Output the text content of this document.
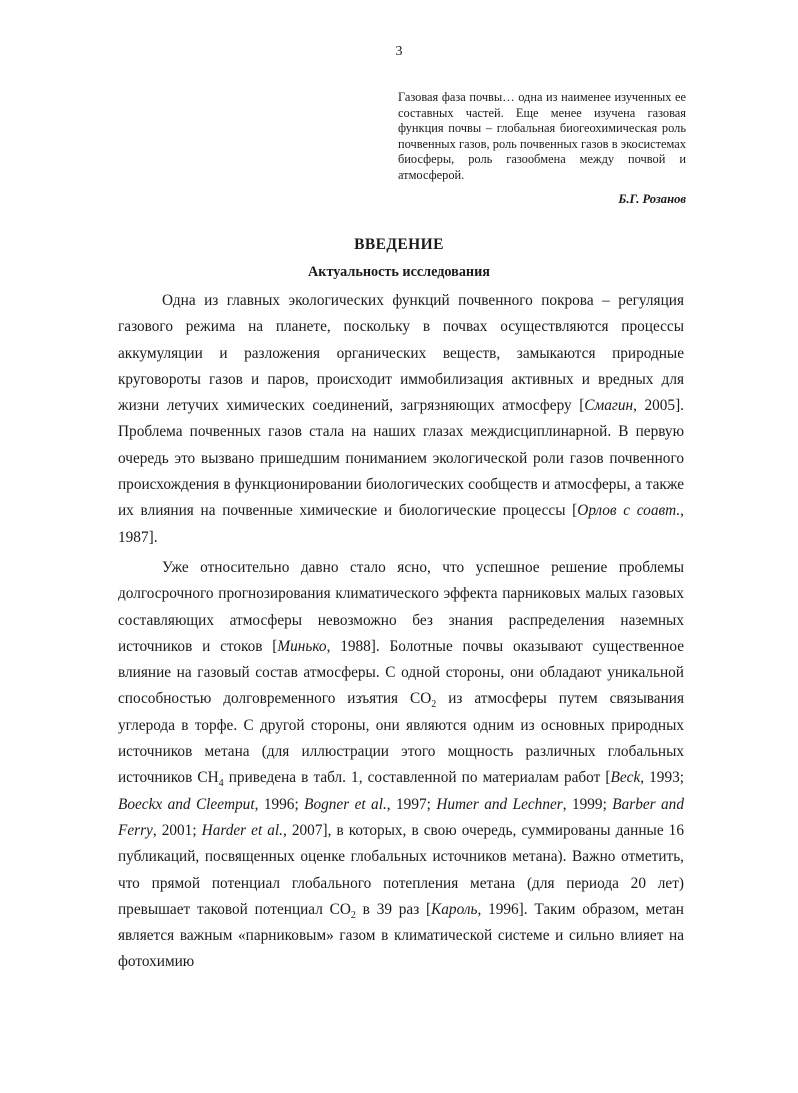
3
Газовая фаза почвы… одна из наименее изученных ее составных частей. Еще менее изучена газовая функция почвы – глобальная биогеохимическая роль почвенных газов, роль почвенных газов в экосистемах биосферы, роль газообмена между почвой и атмосферой.
Б.Г. Розанов
ВВЕДЕНИЕ
Актуальность исследования

Одна из главных экологических функций почвенного покрова – регуляция газового режима на планете, поскольку в почвах осуществляются процессы аккумуляции и разложения органических веществ, замыкаются природные круговороты газов и паров, происходит иммобилизация активных и вредных для жизни летучих химических соединений, загрязняющих атмосферу [Смагин, 2005]. Проблема почвенных газов стала на наших глазах междисциплинарной. В первую очередь это вызвано пришедшим пониманием экологической роли газов почвенного происхождения в функционировании биологических сообществ и атмосферы, а также их влияния на почвенные химические и биологические процессы [Орлов с соавт., 1987].

Уже относительно давно стало ясно, что успешное решение проблемы долгосрочного прогнозирования климатического эффекта парниковых малых газовых составляющих атмосферы невозможно без знания распределения наземных источников и стоков [Минько, 1988]. Болотные почвы оказывают существенное влияние на газовый состав атмосферы. С одной стороны, они обладают уникальной способностью долговременного изъятия $CO_2$ из атмосферы путем связывания углерода в торфе. С другой стороны, они являются одним из основных природных источников метана (для иллюстрации этого мощность различных глобальных источников $CH_4$ приведена в табл. 1, составленной по материалам работ [Beck, 1993; Boeckx and Cleemput, 1996; Bogner et al., 1997; Humer and Lechner, 1999; Barber and Ferry, 2001; Harder et al., 2007], в которых, в свою очередь, суммированы данные 16 публикаций, посвященных оценке глобальных источников метана). Важно отметить, что прямой потенциал глобального потепления метана (для периода 20 лет) превышает таковой потенциал $CO_2$ в 39 раз [Кароль, 1996]. Таким образом, метан является важным «парниковым» газом в климатической системе и сильно влияет на фотохимию
